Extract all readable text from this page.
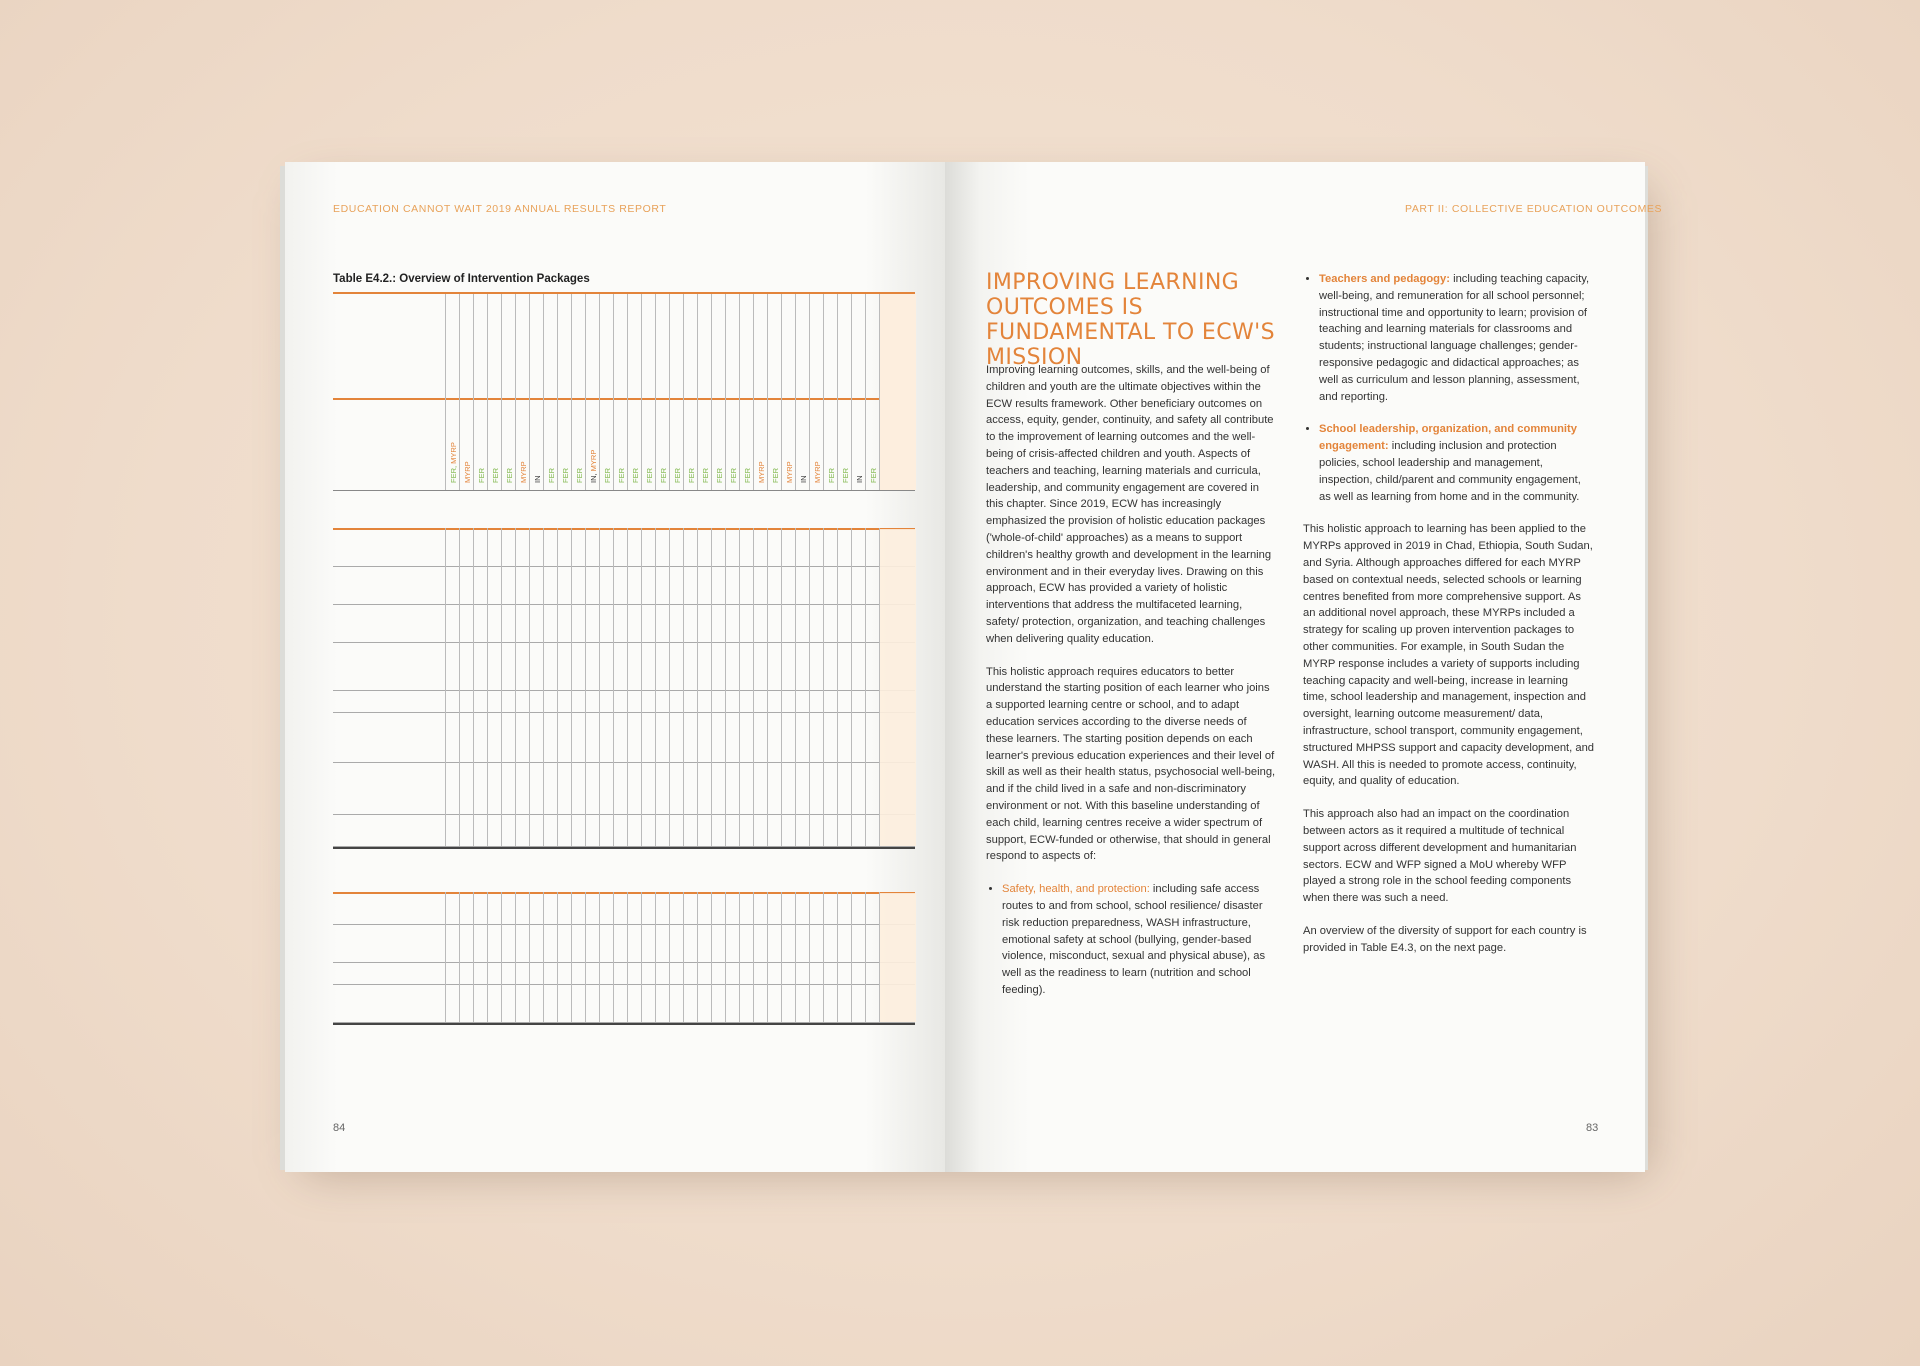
EDUCATION CANNOT WAIT 2019 ANNUAL RESULTS REPORT
Table E4.2.: Overview of Intervention Packages
FER, MYRP
MYRP FER FER FER MYRP IN FER FER FER IN, MYRP
FER FER FER FER FER FER FER FER FER FER FER MYRP FER MYRP IN MYRP FER FER IN FER
84
PART II: COLLECTIVE EDUCATION OUTCOMES
IMPROVING LEARNING OUTCOMES IS FUNDAMENTAL TO ECW'S MISSION

Improving learning outcomes, skills, and the well-being of children and youth are the ultimate objectives within the ECW results framework. Other beneficiary outcomes on access, equity, gender, continuity, and safety all contribute to the improvement of learning outcomes and the well-being of crisis-affected children and youth. Aspects of teachers and teaching, learning materials and curricula, leadership, and community engagement are covered in this chapter. Since 2019, ECW has increasingly emphasized the provision of holistic education packages ('whole-of-child' approaches) as a means to support children's healthy growth and development in the learning environment and in their everyday lives. Drawing on this approach, ECW has provided a variety of holistic interventions that address the multifaceted learning, safety/ protection, organization, and teaching challenges when delivering quality education.

This holistic approach requires educators to better understand the starting position of each learner who joins a supported learning centre or school, and to adapt education services according to the diverse needs of these learners. The starting position depends on each learner's previous education experiences and their level of skill as well as their health status, psychosocial well-being, and if the child lived in a safe and non-discriminatory environment or not. With this baseline understanding of each child, learning centres receive a wider spectrum of support, ECW-funded or otherwise, that should in general respond to aspects of:

• Safety, health, and protection: including safe access routes to and from school, school resilience/ disaster risk reduction preparedness, WASH infrastructure, emotional safety at school (bullying, gender-based violence, misconduct, sexual and physical abuse), as well as the readiness to learn (nutrition and school feeding).
• Teachers and pedagogy: including teaching capacity, well-being, and remuneration for all school personnel; instructional time and opportunity to learn; provision of teaching and learning materials for classrooms and students; instructional language challenges; gender-responsive pedagogic and didactical approaches; as well as curriculum and lesson planning, assessment, and reporting.
• School leadership, organization, and community engagement: including inclusion and protection policies, school leadership and management, inspection, child/parent and community engagement, as well as learning from home and in the community.

This holistic approach to learning has been applied to the MYRPs approved in 2019 in Chad, Ethiopia, South Sudan, and Syria. Although approaches differed for each MYRP based on contextual needs, selected schools or learning centres benefited from more comprehensive support. As an additional novel approach, these MYRPs included a strategy for scaling up proven intervention packages to other communities. For example, in South Sudan the MYRP response includes a variety of supports including teaching capacity and well-being, increase in learning time, school leadership and management, inspection and oversight, learning outcome measurement/ data, infrastructure, school transport, community engagement, structured MHPSS support and capacity development, and WASH. All this is needed to promote access, continuity, equity, and quality of education.

This approach also had an impact on the coordination between actors as it required a multitude of technical support across different development and humanitarian sectors. ECW and WFP signed a MoU whereby WFP played a strong role in the school feeding components when there was such a need.

An overview of the diversity of support for each country is provided in Table E4.3, on the next page.

83
